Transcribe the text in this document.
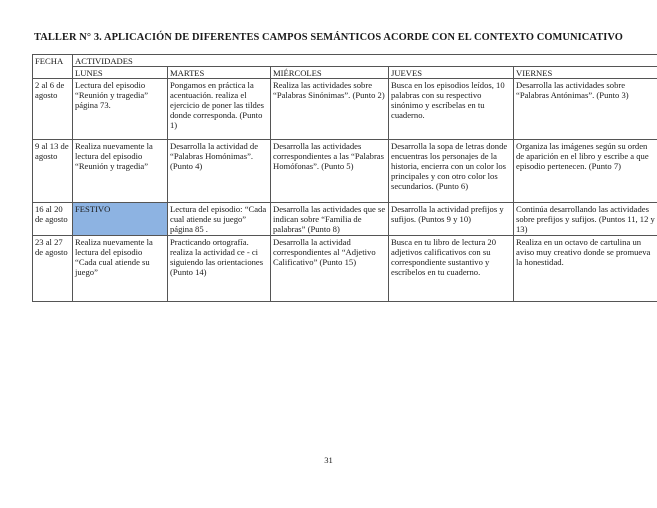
TALLER N° 3. APLICACIÓN DE DIFERENTES CAMPOS SEMÁNTICOS ACORDE CON EL CONTEXTO COMUNICATIVO
FECHA	ACTIVIDADES				
	LUNES	MARTES	MIÉRCOLES	JUEVES	VIERNES
2 al 6 de agosto	Lectura del episodio “Reunión y tragedia” página 73.	Pongamos en práctica la acentuación. realiza el ejercicio de poner las tildes donde corresponda. (Punto 1)	Realiza las actividades sobre “Palabras Sinónimas”. (Punto 2)	Busca en los episodios leídos, 10 palabras con su respectivo sinónimo y escríbelas en tu cuaderno.	Desarrolla las actividades sobre “Palabras Antónimas”. (Punto 3)
9 al 13 de agosto	Realiza nuevamente la lectura del episodio “Reunión y tragedia”	Desarrolla la actividad de “Palabras Homónimas”. (Punto 4)	Desarrolla las actividades correspondientes a las “Palabras Homófonas”. (Punto 5)	Desarrolla la sopa de letras donde encuentras los personajes de la historia, encierra con un color los principales y con otro color los secundarios. (Punto 6)	Organiza las imágenes según su orden de aparición en el libro y escribe a que episodio pertenecen. (Punto 7)
16 al 20 de agosto	FESTIVO	Lectura del episodio: “Cada cual atiende su juego” página 85 .	Desarrolla las actividades que se indican sobre “Familia de palabras” (Punto 8)	Desarrolla la actividad prefijos y sufijos. (Puntos 9 y 10)	Continúa desarrollando las actividades sobre prefijos y sufijos. (Puntos 11, 12 y 13)
23 al 27 de agosto	Realiza nuevamente la lectura del episodio “Cada cual atiende su juego”	Practicando ortografía. realiza la actividad ce - ci siguiendo las orientaciones (Punto 14)	Desarrolla la actividad correspondientes al “Adjetivo Calificativo” (Punto 15)	Busca en tu libro de lectura 20 adjetivos calificativos con su correspondiente sustantivo y escríbelos en tu cuaderno.	Realiza en un octavo de cartulina un aviso muy creativo donde se promueva la honestidad.
31
